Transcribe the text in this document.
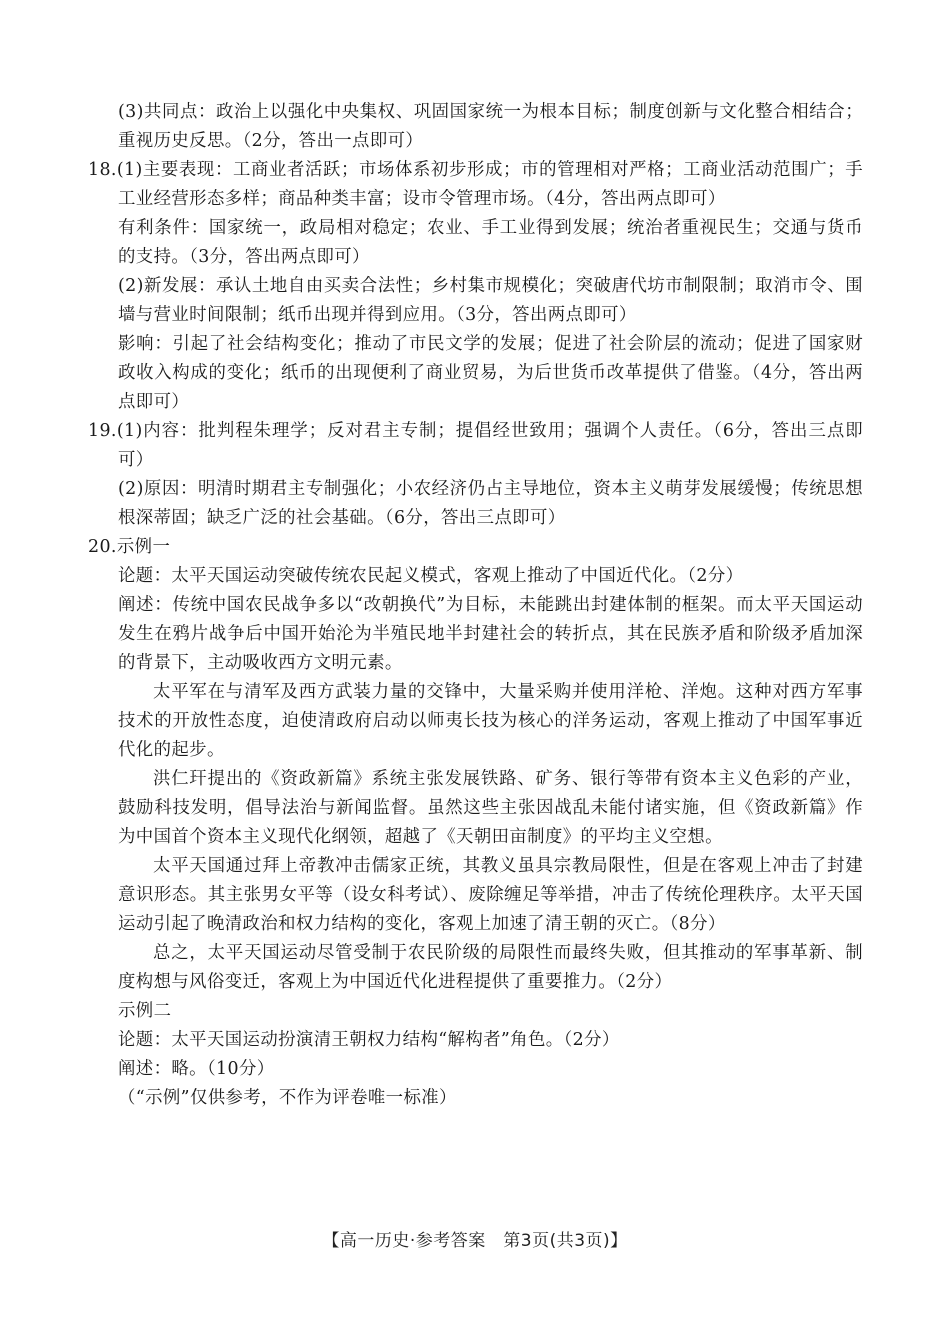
(3)共同点：政治上以强化中央集权、巩固国家统一为根本目标；制度创新与文化整合相结合；重视历史反思。（2分，答出一点即可）

18.(1)主要表现：工商业者活跃；市场体系初步形成；市的管理相对严格；工商业活动范围广；手工业经营形态多样；商品种类丰富；设市令管理市场。（4分，答出两点即可）

有利条件：国家统一，政局相对稳定；农业、手工业得到发展；统治者重视民生；交通与货币的支持。（3分，答出两点即可）

(2)新发展：承认土地自由买卖合法性；乡村集市规模化；突破唐代坊市制限制；取消市令、围墙与营业时间限制；纸币出现并得到应用。（3分，答出两点即可）

影响：引起了社会结构变化；推动了市民文学的发展；促进了社会阶层的流动；促进了国家财政收入构成的变化；纸币的出现便利了商业贸易，为后世货币改革提供了借鉴。（4分，答出两点即可）

19.(1)内容：批判程朱理学；反对君主专制；提倡经世致用；强调个人责任。（6分，答出三点即可）

(2)原因：明清时期君主专制强化；小农经济仍占主导地位，资本主义萌芽发展缓慢；传统思想根深蒂固；缺乏广泛的社会基础。（6分，答出三点即可）

20.示例一

论题：太平天国运动突破传统农民起义模式，客观上推动了中国近代化。（2分）

阐述：传统中国农民战争多以“改朝换代”为目标，未能跳出封建体制的框架。而太平天国运动发生在鸦片战争后中国开始沦为半殖民地半封建社会的转折点，其在民族矛盾和阶级矛盾加深的背景下，主动吸收西方文明元素。

太平军在与清军及西方武装力量的交锋中，大量采购并使用洋枪、洋炮。这种对西方军事技术的开放性态度，迫使清政府启动以师夷长技为核心的洋务运动，客观上推动了中国军事近代化的起步。

洪仁玕提出的《资政新篇》系统主张发展铁路、矿务、银行等带有资本主义色彩的产业，鼓励科技发明，倡导法治与新闻监督。虽然这些主张因战乱未能付诸实施，但《资政新篇》作为中国首个资本主义现代化纲领，超越了《天朝田亩制度》的平均主义空想。

太平天国通过拜上帝教冲击儒家正统，其教义虽具宗教局限性，但是在客观上冲击了封建意识形态。其主张男女平等（设女科考试）、废除缠足等举措，冲击了传统伦理秩序。太平天国运动引起了晚清政治和权力结构的变化，客观上加速了清王朝的灭亡。（8分）

总之，太平天国运动尽管受制于农民阶级的局限性而最终失败，但其推动的军事革新、制度构想与风俗变迁，客观上为中国近代化进程提供了重要推力。（2分）

示例二

论题：太平天国运动扮演清王朝权力结构“解构者”角色。（2分）

阐述：略。（10分）

（“示例”仅供参考，不作为评卷唯一标准）

【高一历史·参考答案　第3页(共3页)】
